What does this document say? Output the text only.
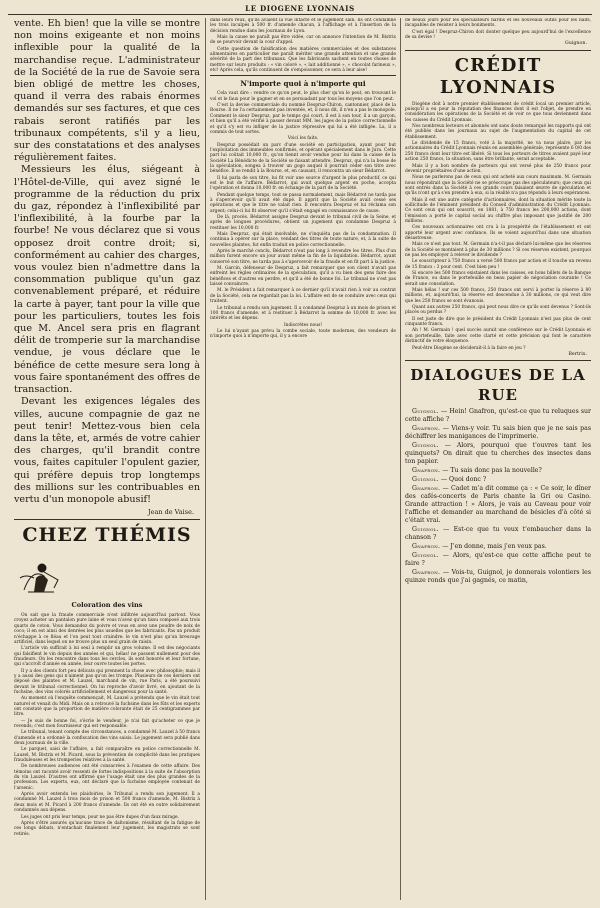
LE DIOGENE LYONNAIS

vente. Eh bien! que la ville se montre non moins exigeante et non moins inflexible pour la qualité de la marchandise reçue. L'administrateur de la Société de la rue de Savoie sera bien obligé de mettre les choses, quand il verra des rabais énormes demandés sur ses factures, et que ces rabais seront ratifiés par les tribunaux compétents, s'il y a lieu, sur des constatations et des analyses régulièrement faites.

Messieurs les élus, siégeant à l'Hôtel-de-Ville, qui avez signé le programme de la réduction du prix du gaz, répondez à l'inflexibilité par l'inflexibilité, à la fourbe par la fourbe! Ne vous déclarez que si vous opposez droit contre droit; si, conformément au cahier des charges, vous voulez bien n'admettre dans la consommation publique qu'un gaz convenablement préparé, et réduire la carte à payer, tant pour la ville que pour les particuliers, toutes les fois que M. Ancel sera pris en flagrant délit de tromperie sur la marchandise vendue, je vous déclare que le bénéfice de cette mesure sera long à vous faire spontanément des offres de transaction.

Devant les exigences légales des villes, aucune compagnie de gaz ne peut tenir! Mettez-vous bien cela dans la tête, et, armés de votre cahier des charges, qu'il brandit contre vous, faites capituler l'opulent gazier, qui préfère depuis trop longtemps des millions sur les contribuables en vertu d'un monopole abusif!

Jean de Vaise.
CHEZ THÉMIS
Coloration des vins

On sait que la fraude commerciale n'est infiltrée aujourd'hui partout. Vous croyez acheter un pantalon pure laine et vous n'avez qu'un tissu composé aux trois quarts de coton. Vous demandez du poivre et vous en avez une poudre de noix de coco; il en est ainsi des denrées les plus usuelles que les fabricants. Pas un produit n'échappe à ce fléau et l'on peut tout craindre: le vin n'est plus qu'un breuvage artificiel, dans lequel on ne trouve plus un seul grain de raisin.

L'article vin suffirait à lui seul à remplir un gros volume. Il est des négociants qui falsifient le vin depuis des années et qui, hélas! ne passent nullement pour des fraudeurs. On les rencontre dans tous les cercles, ils sont honorés et leur fortune, qui s'accroît d'année en année, leur ouvre toutes les portes.

Il y a des clients fort peu délicats qui prennent la chose avec philosophie; mais il y a aussi des gens qui n'aiment pas qu'on les trompe. Plusieurs de ces derniers ont déposé des plaintes et M. Lauzel, marchand de vin, rue Paris, a été poursuivi devant le tribunal correctionnel. On lui reproche d'avoir livré, en ajoutant de la fuchsine, des vins colorés artificiellement et dangereux pour la santé.

Au moment où l'enquête commençait, M. Lauzel a prétendu que le vin était tout naturel et venait du Midi. Mais on a retrouvé la fuchsine dans les fûts et les experts ont constaté que la proportion de matière colorante était de 25 centigrammes par litre.

— Je suis de bonne foi, s'écrie le vendeur, je n'ai fait qu'acheter ce que je revends; c'est mon fournisseur qui est responsable.

Le tribunal, tenant compte des circonstances, a condamné M. Lauzel à 50 francs d'amende et a ordonné la confiscation des vins saisis. Le jugement sera publié dans deux journaux de la ville.

Le parquet, saisi de l'affaire, a fait comparaître en police correctionnelle M. Lauzel, M. Bistrix et M. Picard, sous la prévention de complicité dans les pratiques frauduleuses et les tromperies relatives à la santé.

De nombreuses audiences ont été consacrées à l'examen de cette affaire. Des témoins ont raconté avoir ressenti de fortes indispositions à la suite de l'absorption du vin Lauzel. D'autres ont affirmé que l'usage était une des plus grandes de la profession. Les experts, eux, ont déclaré que la fuchsine employée contenait de l'arsenic.

Après avoir entendu les plaidoiries, le Tribunal a rendu son jugement. Il a condamné M. Lauzel à trois mois de prison et 500 francs d'amende, M. Bistrix à deux mois et M. Picard à 200 francs d'amende. Ils ont été en outre solidairement condamnés aux dépens.

Les juges ont pris leur temps, pour ne pas être dupes d'un faux mirage.

Après s'être assurés qu'aucune trace de daltonisme, résultant de la fatigue de ces longs débats, n'entachait finalement leur jugement, les magistrats se sont retirés.

dans leurs reux, qu'ils avaient la vue intacte et le jugement sain. Ils ont condamné les trois inculpés à 500 fr. d'amende chacun, à l'affichage et à l'insertion de la décision rendue dans les journaux de Lyon.

Mais la cause ne paraît pas être vidée, car on annonce l'intention de M. Bistrix de se pourvoir devant la cour d'appel.

Cette question de falsification des matières commerciales et des substances alimentaires en particulier me paraît mériter une grande attention et une grande sévérité de la part des tribunaux. Que les fabricants sachent en toutes choses de mettre sur leurs produits : « vin coloré », « lait additionné », « chocolat farineux », etc! Après cela, qu'ils continuent de s'empoisonner, ce sera à leur aise!

N'importe quoi à n'importe qui

Cela vaut dire : vendre ce qu'on peut, le plus cher qu'on le peut, en trouvant le vol et le faux pour le gagner et en se persuadant par tous les moyens que l'on peut.

C'est la devise commerciale du nommé Despruz-Chiron, cantonnier, placé de la Bourse. Il ne l'a certainement pas inventée, et, il nous dit, il n'en a pas le monopole. Comment le sieur Despruz, par le temps qui court, il est à son tour, il a un garçon, et bien qu'il a été vérifié à passer devant MM. les juges de la police correctionnelle et qu'il s'y est vu infliger de la justice répressive qui lui a été infligée. La, il a commis de tout sortes.

Voici les faits.

Despruz possédait un parc d'une société en participation, ayant pour but l'exploitation des immeubles confirmés, et opérant spécialement dans le Jura. Cette part lui coûtait 10,000 fr., qu'on tiennt avoir vendue pour lui dans la caisse de la Société La Bénédicte de la Société se faisant attendre, Despruz, qui n'a la bosse de la spéculation, songea à trouver un gogo auquel il pourrait céder son titre avec bénéfice. Il se rendit à la Bourse, et, en causant, il rencontra un sieur Bédarrot.

Il lui parla de son titre, lui fit voir une source d'argent le plus productif, ce qui est le but de l'affaire. Bédarrot, qui avait quelque argent en poche, accepta l'opération et donna 10,000 fr. en échange de la part de la Société.

Pendant quelque temps, tout se passa normalement, mais Bédarrot ne tarda pas à s'apercevoir qu'il avait été dupé. Il apprit que la Société avait cessé ses opérations et que le titre ne valait rien. Il rencontra Despruz et lui réclama son argent; celui-ci lui fit observer qu'il s'était engagé en connaissance de cause.

De là, procès. Bédarrot assigne Despruz devant le tribunal civil de la Seine, et après de longues procédures, obtient un jugement qui condamne Despruz à restituer les 10,000 fr.

Mais Despruz, qui était insolvable, ne s'inquiéta pas de la condamnation. Il continua à opérer sur la place, vendant des titres de toute nature, et, à la suite de nouvelles plaintes, fut enfin traduit en police correctionnelle.

Après le marché conclu, Bédarrot n'eut pas long à revendre les titres. Plus d'un million furent encore un jour avant même la fin de la liquidation. Bédarrot, ayant conservé son titre, ne tarda pas à s'apercevoir de la fraude et en fit part à la justice.

M. Garcin, défenseur de Despruz, a fait remarquer que son client n'avait pas enfreint les règles ordinaires de la spéculation, qu'il a vu bien des gens faire des bénéfices et d'autres en perdre, et qu'il a été de bonne foi. Le tribunal ne s'est pas laissé convaincre.

M. le Président a fait remarquer à ce dernier qu'il n'avait rien à voir au contrat de la Société, cela ne regardait pas la loi. L'affaire est de se conduire avec ceux qui traitent.

Le tribunal a rendu son jugement. Il a condamné Despruz à un mois de prison et 100 francs d'amende, et à restituer à Bédarrot la somme de 10,000 fr. avec les intérêts et les dépens.

Indiscrètes nous!

Le lui n'ayant pas prévu la combe sociale, toute modernes, des vendeurs de n'importe quoi à n'importe qui, il y a encore

de beaux jours pour les spéculateurs hardis et les nouveaux outils pour les naïfs, incapables de résister à leurs boniments.

C'est égal ! Despruz-Chiron doit donter quelque peu aujourd'hui de l'excellence de sa devise !

Guignon.
CRÉDIT LYONNAIS

Diogène doit à notre premier établissement de crédit local un premier article, puisqu'il a eu pour la réputation des finances dont il est l'objet, de prendre en considération les opérations de la Société et de voir ce que tous deviennent dans les caisses du Crédit Lyonnais.

Nos nombreux lecteurs et abonnés ont sans doute remarqué les rapports qui ont été publiés dans les journaux au sujet de l'augmentation du capital de cet établissement.

Le dividende de 15 francs, voté à la majorité, ne va nous plaire, par les actionnaires du Crédit Lyonnais réunis en assemblée générale, représente 6 0/0 des 250 francs dont leur titre est libéré. Si tous les porteurs de titres avaient payé leur action 250 francs, la situation, sans être brillante, serait acceptable.

Mais il y a bon nombre de porteurs qui ont versé plus de 250 francs pour devenir propriétaires d'une action.

Nous ne parlerons pas de ceux qui ont acheté aux cours maximum. M. Germain nous répondrait que la Société ne se préoccupe pas des spéculateurs; que ceux qui sont entrés dans la Société à ces grands cours faisaient œuvre de spéculation et qu'ils n'ont qu'à s'en prendre à eux, si la réalité n'a pas répondu à leurs espérances.

Mais il est une autre catégorie d'actionnaires, dont la situation mérite toute la sollicitude de l'éminent président du Conseil d'administration du Crédit Lyonnais. Ce sont ceux qui ont souscrit, en 1881, à 750 francs les 200,000 actions, dont l'émission a porté le capital social au chiffre plus imposant que justifié de 200 millions.

Ces nouveaux actionnaires ont cru à la prospérité de l'établissement et ont apporté leur argent avec confiance. Ils se voient aujourd'hui dans une situation désastreuse.

Mais ce n'est pas tout. M. Germain n'a-t-il pas déclaré lui-même que les réserves de la Société se montaient à plus de 30 millions ? Si ces réserves existent, pourquoi ne pas les employer à relever le dividende ?

Le souscripteur à 750 francs a versé 500 francs par action et il touche un revenu de 15 francs : 3 pour cent. C'est bien peu !

Si encore les 500 francs existaient dans les caisses, en bons billets de la Banque de France, ou dans le portefeuille en beau papier de négociation courante ! Ce serait une consolation.

Mais hélas ! sur ces 500 francs, 250 francs ont servi à porter la réserve à 80 millions, et, aujourd'hui, la réserve est descendue à 30 millions, ce qui veut dire que les 250 francs se sont évanouis.

Quant aux autres 250 francs, qui peut nous dire ce qu'ils sont devenus ? Sont-ils placés ou perdus ?

Il est juste de dire que le président du Crédit Lyonnais n'est pas plus de cent cinquante francs.

Ah ! M. Germain ! quel succès aurait une conférence sur le Crédit Lyonnais et son portefeuille, faite avec cette clarté et cette précision qui font le caractère distinctif de votre éloquence.

Peut-être Diogène se déciderait-il à la faire en jeu ?

Bertrix.
DIALOGUES DE LA RUE

Guignol. — Hein! Gnafron, qu'est-ce que tu reluques sur cette affiche ?

Gnafron. — Viens-y voir. Tu sais bien que je ne sais pas déchiffrer les manigances de l'imprimerie.

Guignol. — Alors, pourquoi que t'ouvres tant les quinquets? On dirait que tu cherches des insectes dans ton papier.

Gnafron. — Tu sais donc pas la nouvelle?

Guignol. — Quoi donc ?

Gnafron. — Cadet m'a dit comme ça : « Ce soir, le dîner des cafés-concerts de Paris chante la Gri ou Casino. Grande attraction ! » Alors, je vais au Caveau pour voir l'affiche et demander au marchand de bésicles d'à côté si c'était vrai.

Guignol. — Est-ce que tu veux t'embaucher dans la chanson ?

Gnafron. — J'en donne, mais j'en veux pas.

Guignol. — Alors, qu'est-ce que cette affiche peut te faire ?

Gnafron. — Vois-tu, Guignol, je donnerais volontiers les quinze ronds que j'ai gagnés, ce matin,
